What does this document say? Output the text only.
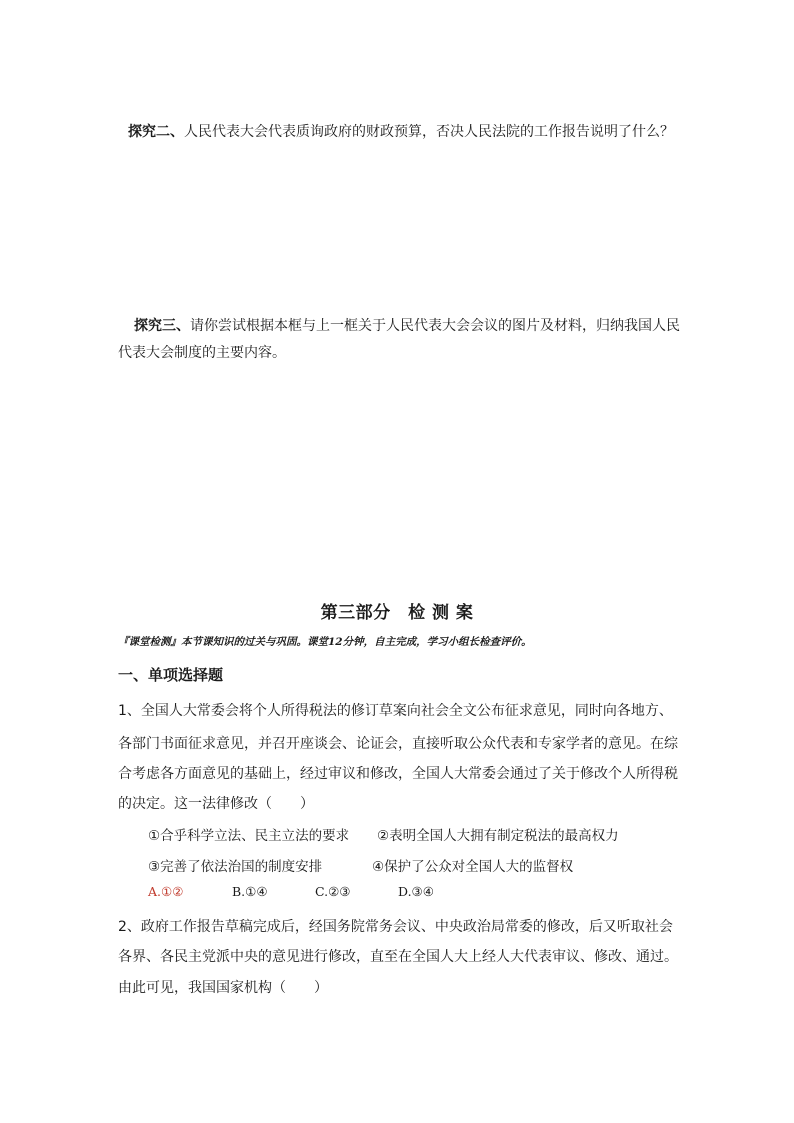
探究二、人民代表大会代表质询政府的财政预算，否决人民法院的工作报告说明了什么？
探究三、请你尝试根据本框与上一框关于人民代表大会会议的图片及材料，归纳我国人民
代表大会制度的主要内容。
第三部分　检 测 案
『课堂检测』本节课知识的过关与巩固。课堂12分钟，自主完成，学习小组长检查评价。
一、单项选择题
1、全国人大常委会将个人所得税法的修订草案向社会全文公布征求意见，同时向各地方、
各部门书面征求意见，并召开座谈会、论证会，直接听取公众代表和专家学者的意见。在综
合考虑各方面意见的基础上，经过审议和修改，全国人大常委会通过了关于修改个人所得税
的决定。这一法律修改（　　）
①合乎科学立法、民主立法的要求 ②表明全国人大拥有制定税法的最高权力
③完善了依法治国的制度安排	④保护了公众对全国人大的监督权
A.①②	B.①④	C.②③	D.③④
2、政府工作报告草稿完成后，经国务院常务会议、中央政治局常委的修改，后又听取社会
各界、各民主党派中央的意见进行修改，直至在全国人大上经人大代表审议、修改、通过。
由此可见，我国国家机构（　　）
